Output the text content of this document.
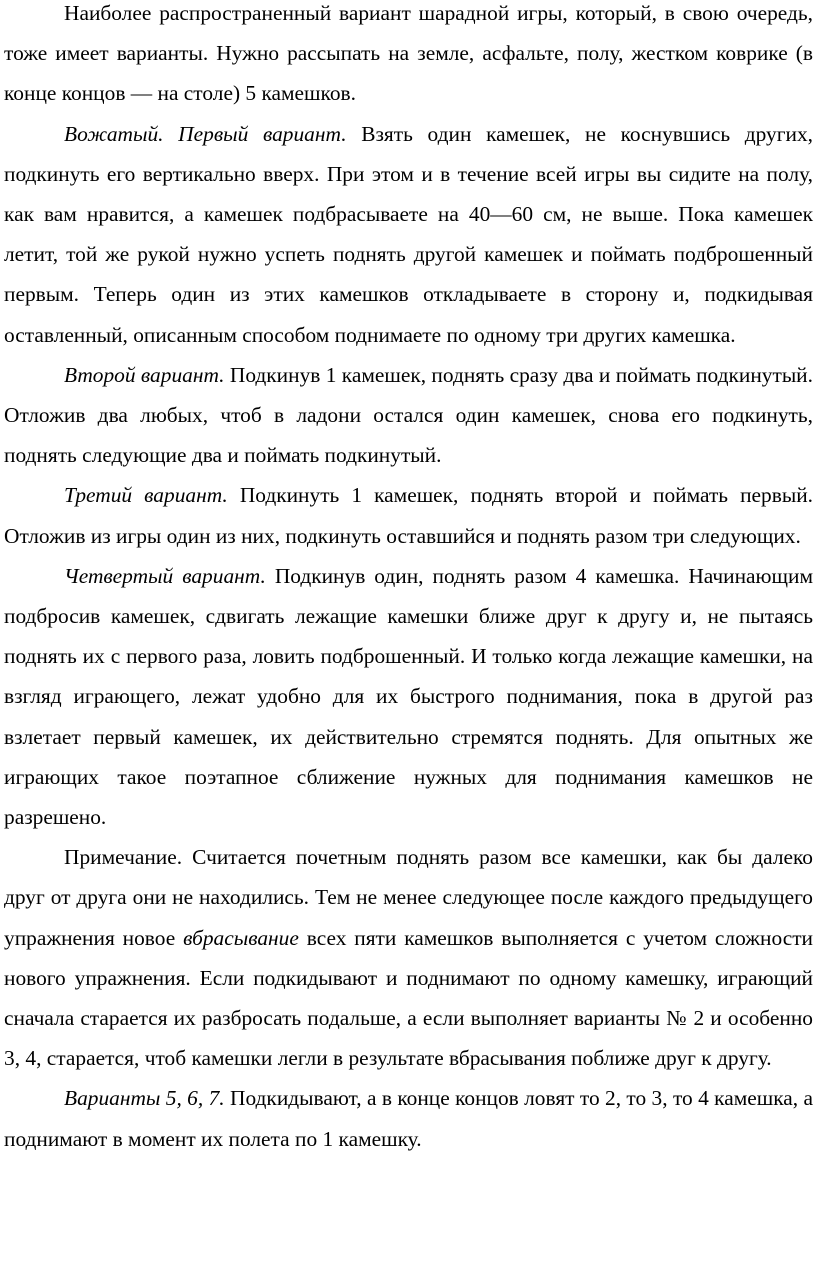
Наиболее распространенный вариант шарадной игры, который, в свою очередь, тоже имеет варианты. Нужно рассыпать на земле, асфальте, полу, жестком коврике (в конце концов — на столе) 5 камешков.

Вожатый. Первый вариант. Взять один камешек, не коснувшись других, подкинуть его вертикально вверх. При этом и в течение всей игры вы сидите на полу, как вам нравится, а камешек подбрасываете на 40—60 см, не выше. Пока камешек летит, той же рукой нужно успеть поднять другой камешек и поймать подброшенный первым. Теперь один из этих камешков откладываете в сторону и, подкидывая оставленный, описанным способом поднимаете по одному три других камешка.

Второй вариант. Подкинув 1 камешек, поднять сразу два и поймать подкинутый. Отложив два любых, чтоб в ладони остался один камешек, снова его подкинуть, поднять следующие два и поймать подкинутый.

Третий вариант. Подкинуть 1 камешек, поднять второй и поймать первый. Отложив из игры один из них, подкинуть оставшийся и поднять разом три следующих.

Четвертый вариант. Подкинув один, поднять разом 4 камешка. Начинающим подбросив камешек, сдвигать лежащие камешки ближе друг к другу и, не пытаясь поднять их с первого раза, ловить подброшенный. И только когда лежащие камешки, на взгляд играющего, лежат удобно для их быстрого поднимания, пока в другой раз взлетает первый камешек, их действительно стремятся поднять. Для опытных же играющих такое поэтапное сближение нужных для поднимания камешков не разрешено.

Примечание. Считается почетным поднять разом все камешки, как бы далеко друг от друга они не находились. Тем не менее следующее после каждого предыдущего упражнения новое вбрасывание всех пяти камешков выполняется с учетом сложности нового упражнения. Если подкидывают и поднимают по одному камешку, играющий сначала старается их разбросать подальше, а если выполняет варианты № 2 и особенно 3, 4, старается, чтоб камешки легли в результате вбрасывания поближе друг к другу.

Варианты 5, 6, 7. Подкидывают, а в конце концов ловят то 2, то 3, то 4 камешка, а поднимают в момент их полета по 1 камешку.
